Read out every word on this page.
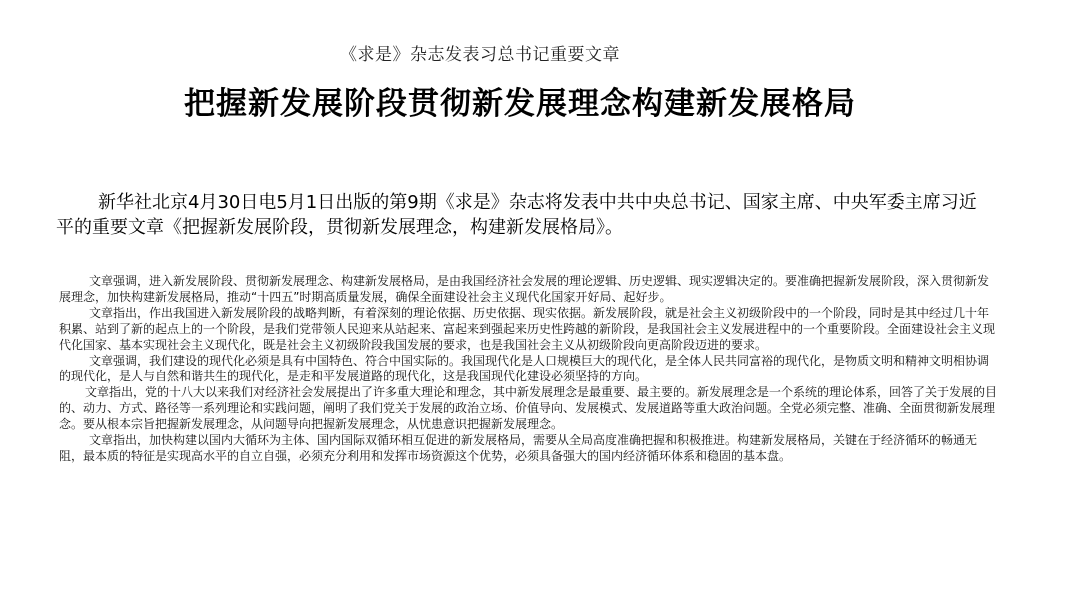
《求是》杂志发表习总书记重要文章
把握新发展阶段贯彻新发展理念构建新发展格局

新华社北京4月30日电5月1日出版的第9期《求是》杂志将发表中共中央总书记、国家主席、中央军委主席习近平的重要文章《把握新发展阶段，贯彻新发展理念，构建新发展格局》。

文章强调，进入新发展阶段、贯彻新发展理念、构建新发展格局，是由我国经济社会发展的理论逻辑、历史逻辑、现实逻辑决定的。要准确把握新发展阶段，深入贯彻新发展理念，加快构建新发展格局，推动“十四五”时期高质量发展，确保全面建设社会主义现代化国家开好局、起好步。

文章指出，作出我国进入新发展阶段的战略判断，有着深刻的理论依据、历史依据、现实依据。新发展阶段，就是社会主义初级阶段中的一个阶段，同时是其中经过几十年积累、站到了新的起点上的一个阶段，是我们党带领人民迎来从站起来、富起来到强起来历史性跨越的新阶段，是我国社会主义发展进程中的一个重要阶段。全面建设社会主义现代化国家、基本实现社会主义现代化，既是社会主义初级阶段我国发展的要求，也是我国社会主义从初级阶段向更高阶段迈进的要求。

文章强调，我们建设的现代化必须是具有中国特色、符合中国实际的。我国现代化是人口规模巨大的现代化，是全体人民共同富裕的现代化，是物质文明和精神文明相协调的现代化，是人与自然和谐共生的现代化，是走和平发展道路的现代化，这是我国现代化建设必须坚持的方向。

文章指出，党的十八大以来我们对经济社会发展提出了许多重大理论和理念，其中新发展理念是最重要、最主要的。新发展理念是一个系统的理论体系，回答了关于发展的目的、动力、方式、路径等一系列理论和实践问题，阐明了我们党关于发展的政治立场、价值导向、发展模式、发展道路等重大政治问题。全党必须完整、准确、全面贯彻新发展理念。要从根本宗旨把握新发展理念，从问题导向把握新发展理念，从忧患意识把握新发展理念。

文章指出，加快构建以国内大循环为主体、国内国际双循环相互促进的新发展格局，需要从全局高度准确把握和积极推进。构建新发展格局，关键在于经济循环的畅通无阻，最本质的特征是实现高水平的自立自强，必须充分利用和发挥市场资源这个优势，必须具备强大的国内经济循环体系和稳固的基本盘。
